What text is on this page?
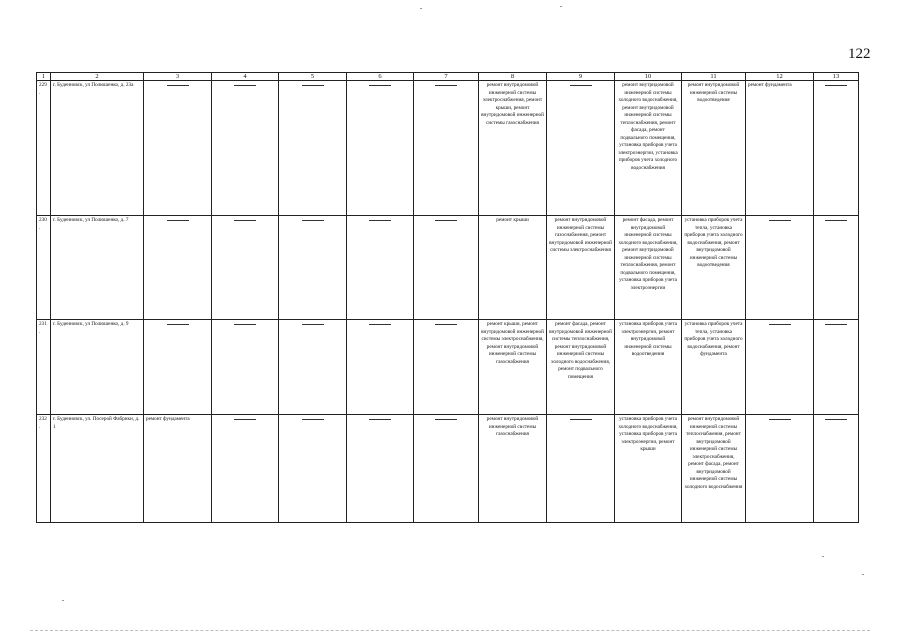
122
1	2	3	4	5	6	7	8	9	10	11	12	13
229.	г. Буденновск, ул Полюшенко, д. 23а						ремонт внутридомовой инженерной системы электроснабжения, ремонт крыши, ремонт внутридомовой инженерной системы газоснабжения		ремонт внутридомовой инженерной системы холодного водоснабжения, ремонт внутридомовой инженерной системы теплоснабжения, ремонт фасада, ремонт подвального помещения, установка приборов учета электроэнергии, установка приборов учета холодного водоснабжения	ремонт внутридомовой инженерной системы водоотведения	ремонт фундамента	

230.	г. Буденновск, ул Полюшенко, д. 7						ремонт крыши	ремонт внутридомовой инженерной системы газоснабжения, ремонт внутридомовой инженерной системы электроснабжения	ремонт фасада, ремонт внутридомовой инженерной системы холодного водоснабжения, ремонт внутридомовой инженерной системы теплоснабжения, ремонт подвального помещения, установка приборов учета электроэнергии	установка приборов учета тепла, установка приборов учета холодного водоснабжения, ремонт внутридомовой инженерной системы водоотведения	

231.	г. Буденновск, ул Полюшенко, д. 9						ремонт крыши, ремонт внутридомовой инженерной системы электроснабжения, ремонт внутридомовой инженерной системы газоснабжения	ремонт фасада, ремонт внутридомовой инженерной системы теплоснабжения, ремонт внутридомовой инженерной системы холодного водоснабжения, ремонт подвального помещения	установка приборов учета электроэнергии, ремонт внутридомовой инженерной системы водоотведения	установка приборов учета тепла, установка приборов учета холодного водоснабжения, ремонт фундамента	

232.	г. Буденновск, ул. Посерой Фабрики, д. 1	ремонт фундамента					ремонт внутридомовой инженерной системы газоснабжения		установка приборов учета холодного водоснабжения, установка приборов учета электроэнергии, ремонт крыши	ремонт внутридомовой инженерной системы теплоснабжения, ремонт внутридомовой инженерной системы электроснабжения, ремонт фасада, ремонт внутридомовой инженерной системы холодного водоснабжения	
